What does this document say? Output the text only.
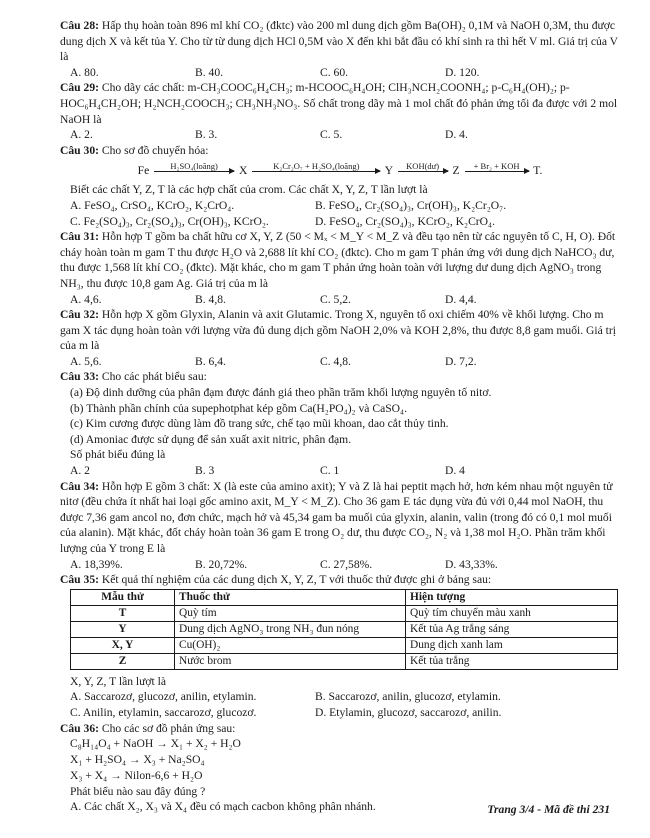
Câu 28: Hấp thụ hoàn toàn 896 ml khí CO₂ (đktc) vào 200 ml dung dịch gồm Ba(OH)₂ 0,1M và NaOH 0,3M, thu được dung dịch X và kết tủa Y. Cho từ từ dung dịch HCl 0,5M vào X đến khi bắt đầu có khí sinh ra thì hết V ml. Giá trị của V là

A. 80.	B. 40.	C. 60.	D. 120.

Câu 29: Cho dãy các chất: m-CH₃COOC₆H₄CH₃; m-HCOOC₆H₄OH; ClH₃NCH₂COONH₄; p-C₆H₄(OH)₂; p-HOC₆H₄CH₂OH; H₂NCH₂COOCH₃; CH₃NH₃NO₃. Số chất trong dãy mà 1 mol chất đó phản ứng tối đa được với 2 mol NaOH là

A. 2.	B. 3.	C. 5.	D. 4.

Câu 30: Cho sơ đồ chuyển hóa:

Fe	H₂SO₄(loãng)
	X	K₂Cr₂O₇ + H₂SO₄(loãng)
	Y	KOH(dư)
	Z	+ Br₂ + KOH
	T.

Biết các chất Y, Z, T là các hợp chất của crom. Các chất X, Y, Z, T lần lượt là

A. FeSO₄, CrSO₄, KCrO₂, K₂CrO₄.	B. FeSO₄, Cr₂(SO₄)₃, Cr(OH)₃, K₂Cr₂O₇.
C. Fe₂(SO₄)₃, Cr₂(SO₄)₃, Cr(OH)₃, KCrO₂.	D. FeSO₄, Cr₂(SO₄)₃, KCrO₂, K₂CrO₄.

Câu 31: Hỗn hợp T gồm ba chất hữu cơ X, Y, Z (50 < Mₓ < M_Y < M_Z và đều tạo nên từ các nguyên tố C, H, O). Đốt cháy hoàn toàn m gam T thu được H₂O và 2,688 lít khí CO₂ (đktc). Cho m gam T phản ứng với dung dịch NaHCO₃ dư, thu được 1,568 lít khí CO₂ (đktc). Mặt khác, cho m gam T phản ứng hoàn toàn với lượng dư dung dịch AgNO₃ trong NH₃, thu được 10,8 gam Ag. Giá trị của m là

A. 4,6.	B. 4,8.	C. 5,2.	D. 4,4.

Câu 32: Hỗn hợp X gồm Glyxin, Alanin và axit Glutamic. Trong X, nguyên tố oxi chiếm 40% về khối lượng. Cho m gam X tác dụng hoàn toàn với lượng vừa đủ dung dịch gồm NaOH 2,0% và KOH 2,8%, thu được 8,8 gam muối. Giá trị của m là

A. 5,6.	B. 6,4.	C. 4,8.	D. 7,2.

Câu 33: Cho các phát biểu sau:

(a) Độ dinh dưỡng của phân đạm được đánh giá theo phần trăm khối lượng nguyên tố nitơ.

(b) Thành phần chính của supephotphat kép gồm Ca(H₂PO₄)₂ và CaSO₄.

(c) Kim cương được dùng làm đồ trang sức, chế tạo mũi khoan, dao cắt thủy tinh.

(d) Amoniac được sử dụng để sản xuất axit nitric, phân đạm.

Số phát biểu đúng là

A. 2	B. 3	C. 1	D. 4

Câu 34: Hỗn hợp E gồm 3 chất: X (là este của amino axit); Y và Z là hai peptit mạch hở, hơn kém nhau một nguyên tử nitơ (đều chứa ít nhất hai loại gốc amino axit, M_Y < M_Z). Cho 36 gam E tác dụng vừa đủ với 0,44 mol NaOH, thu được 7,36 gam ancol no, đơn chức, mạch hở và 45,34 gam ba muối của glyxin, alanin, valin (trong đó có 0,1 mol muối của alanin). Mặt khác, đốt cháy hoàn toàn 36 gam E trong O₂ dư, thu được CO₂, N₂ và 1,38 mol H₂O. Phần trăm khối lượng của Y trong E là

A. 18,39%.	B. 20,72%.	C. 27,58%.	D. 43,33%.

Câu 35: Kết quả thí nghiệm của các dung dịch X, Y, Z, T với thuốc thử được ghi ở bảng sau:

Mẫu thử	Thuốc thử	Hiện tượng
T	Quỳ tím	Quỳ tím chuyển màu xanh
Y	Dung dịch AgNO₃ trong NH₃ đun nóng	Kết tủa Ag trắng sáng
X, Y	Cu(OH)₂	Dung dịch xanh lam
Z	Nước brom	Kết tủa trắng

X, Y, Z, T lần lượt là

A. Saccarozơ, glucozơ, anilin, etylamin.	B. Saccarozơ, anilin, glucozơ, etylamin.
C. Anilin, etylamin, saccarozơ, glucozơ.	D. Etylamin, glucozơ, saccarozơ, anilin.

Câu 36: Cho các sơ đồ phản ứng sau:

C₈H₁₄O₄ + NaOH → X₁ + X₂ + H₂O
X₁ + H₂SO₄ → X₃ + Na₂SO₄
X₃ + X₄ → Nilon-6,6 + H₂O

Phát biểu nào sau đây đúng ?

A. Các chất X₂, X₃ và X₄ đều có mạch cacbon không phân nhánh.	Trang 3/4 - Mã đề thi 231
